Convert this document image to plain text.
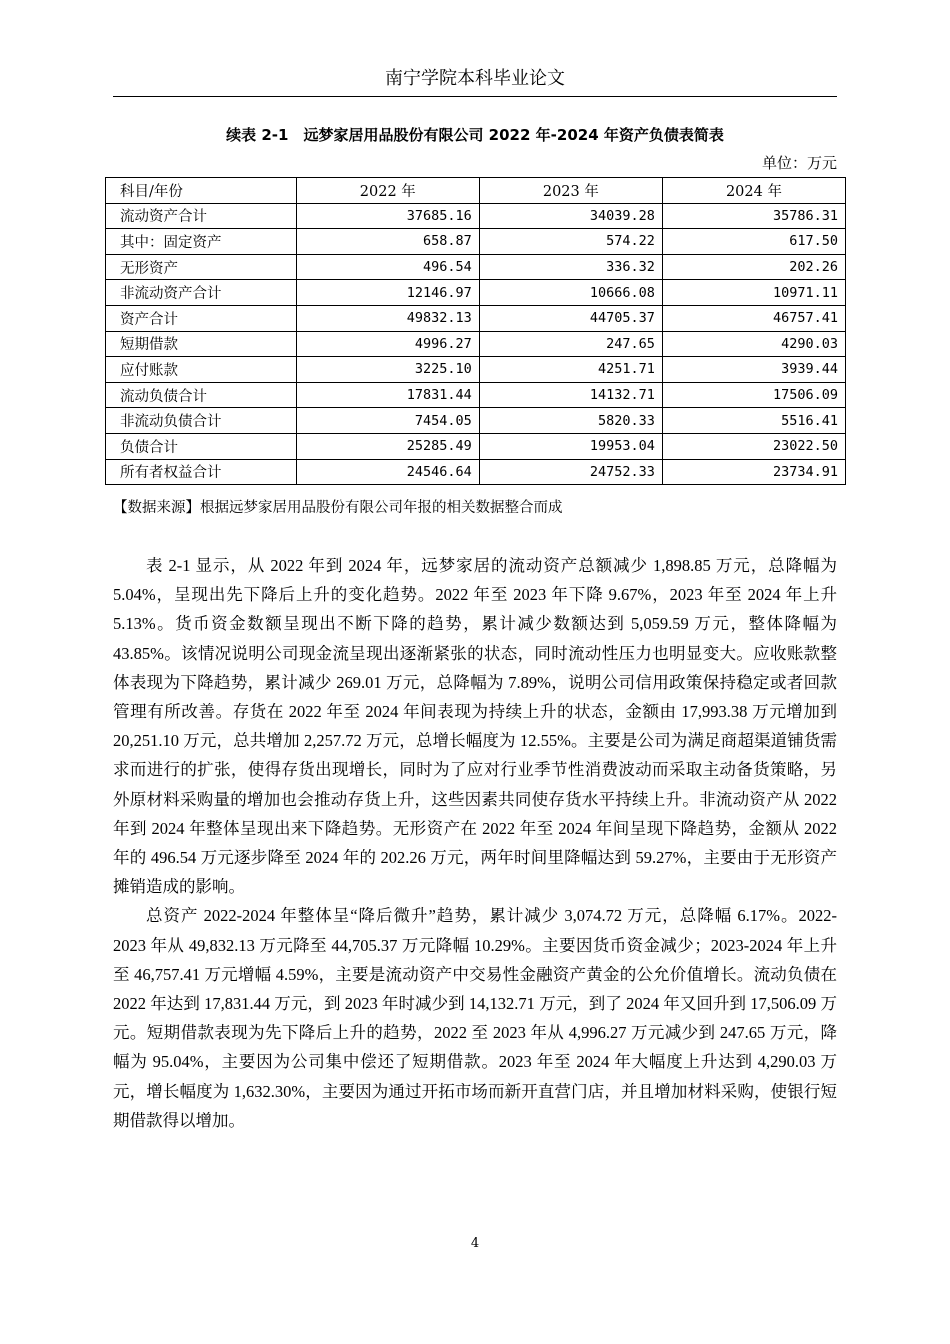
南宁学院本科毕业论文
续表 2-1　远梦家居用品股份有限公司 2022 年-2024 年资产负债表简表
单位：万元
科目/年份	2022 年	2023 年	2024 年
流动资产合计	37685.16	34039.28	35786.31
其中：固定资产	658.87	574.22	617.50
无形资产	496.54	336.32	202.26
非流动资产合计	12146.97	10666.08	10971.11
资产合计	49832.13	44705.37	46757.41
短期借款	4996.27	247.65	4290.03
应付账款	3225.10	4251.71	3939.44
流动负债合计	17831.44	14132.71	17506.09
非流动负债合计	7454.05	5820.33	5516.41
负债合计	25285.49	19953.04	23022.50
所有者权益合计	24546.64	24752.33	23734.91
【数据来源】根据远梦家居用品股份有限公司年报的相关数据整合而成

表 2-1 显示，从 2022 年到 2024 年，远梦家居的流动资产总额减少 1,898.85 万元，总降幅为 5.04%，呈现出先下降后上升的变化趋势。2022 年至 2023 年下降 9.67%，2023 年至 2024 年上升 5.13%。货币资金数额呈现出不断下降的趋势，累计减少数额达到 5,059.59 万元，整体降幅为 43.85%。该情况说明公司现金流呈现出逐渐紧张的状态，同时流动性压力也明显变大。应收账款整体表现为下降趋势，累计减少 269.01 万元，总降幅为 7.89%，说明公司信用政策保持稳定或者回款管理有所改善。存货在 2022 年至 2024 年间表现为持续上升的状态，金额由 17,993.38 万元增加到 20,251.10 万元，总共增加 2,257.72 万元，总增长幅度为 12.55%。主要是公司为满足商超渠道铺货需求而进行的扩张，使得存货出现增长，同时为了应对行业季节性消费波动而采取主动备货策略，另外原材料采购量的增加也会推动存货上升，这些因素共同使存货水平持续上升。非流动资产从 2022 年到 2024 年整体呈现出来下降趋势。无形资产在 2022 年至 2024 年间呈现下降趋势，金额从 2022 年的 496.54 万元逐步降至 2024 年的 202.26 万元，两年时间里降幅达到 59.27%，主要由于无形资产摊销造成的影响。

总资产 2022-2024 年整体呈“降后微升”趋势，累计减少 3,074.72 万元，总降幅 6.17%。2022-2023 年从 49,832.13 万元降至 44,705.37 万元降幅 10.29%。主要因货币资金减少；2023-2024 年上升至 46,757.41 万元增幅 4.59%，主要是流动资产中交易性金融资产黄金的公允价值增长。流动负债在 2022 年达到 17,831.44 万元，到 2023 年时减少到 14,132.71 万元，到了 2024 年又回升到 17,506.09 万元。短期借款表现为先下降后上升的趋势，2022 至 2023 年从 4,996.27 万元减少到 247.65 万元，降幅为 95.04%，主要因为公司集中偿还了短期借款。2023 年至 2024 年大幅度上升达到 4,290.03 万元，增长幅度为 1,632.30%，主要因为通过开拓市场而新开直营门店，并且增加材料采购，使银行短期借款得以增加。

4
